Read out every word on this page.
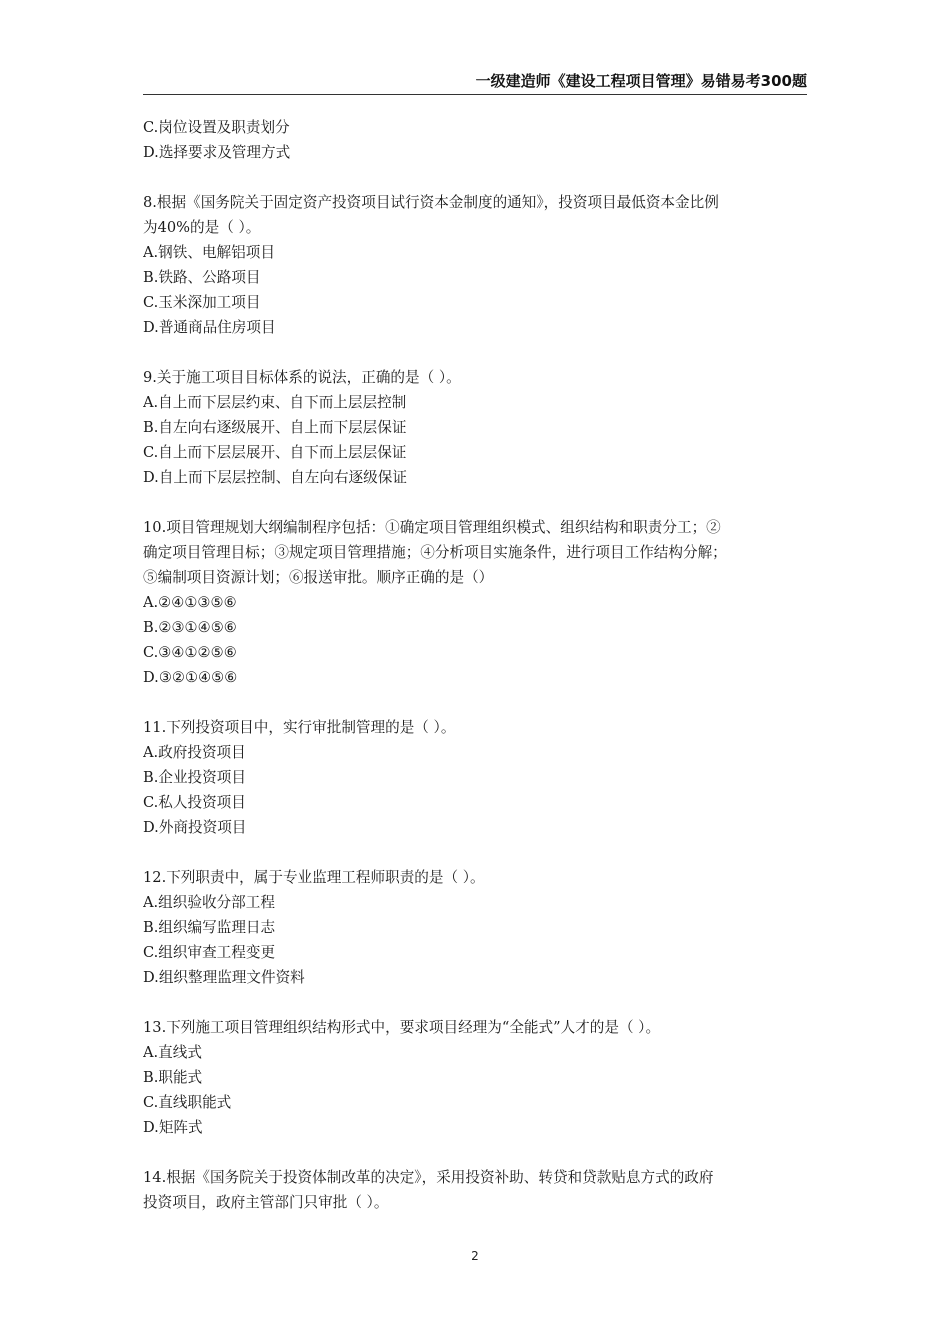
一级建造师《建设工程项目管理》易错易考300题
C.岗位设置及职责划分
D.选择要求及管理方式
8.根据《国务院关于固定资产投资项目试行资本金制度的通知》，投资项目最低资本金比例
为40%的是（ ）。
A.钢铁、电解铝项目
B.铁路、公路项目
C.玉米深加工项目
D.普通商品住房项目
9.关于施工项目目标体系的说法，正确的是（ ）。
A.自上而下层层约束、自下而上层层控制
B.自左向右逐级展开、自上而下层层保证
C.自上而下层层展开、自下而上层层保证
D.自上而下层层控制、自左向右逐级保证
10.项目管理规划大纲编制程序包括：①确定项目管理组织模式、组织结构和职责分工；②
确定项目管理目标；③规定项目管理措施；④分析项目实施条件，进行项目工作结构分解；
⑤编制项目资源计划；⑥报送审批。顺序正确的是（）
A.②④①③⑤⑥
B.②③①④⑤⑥
C.③④①②⑤⑥
D.③②①④⑤⑥
11.下列投资项目中，实行审批制管理的是（ ）。
A.政府投资项目
B.企业投资项目
C.私人投资项目
D.外商投资项目
12.下列职责中，属于专业监理工程师职责的是（ ）。
A.组织验收分部工程
B.组织编写监理日志
C.组织审查工程变更
D.组织整理监理文件资料
13.下列施工项目管理组织结构形式中，要求项目经理为“全能式”人才的是（ ）。
A.直线式
B.职能式
C.直线职能式
D.矩阵式
14.根据《国务院关于投资体制改革的决定》，采用投资补助、转贷和贷款贴息方式的政府
投资项目，政府主管部门只审批（ ）。
2
